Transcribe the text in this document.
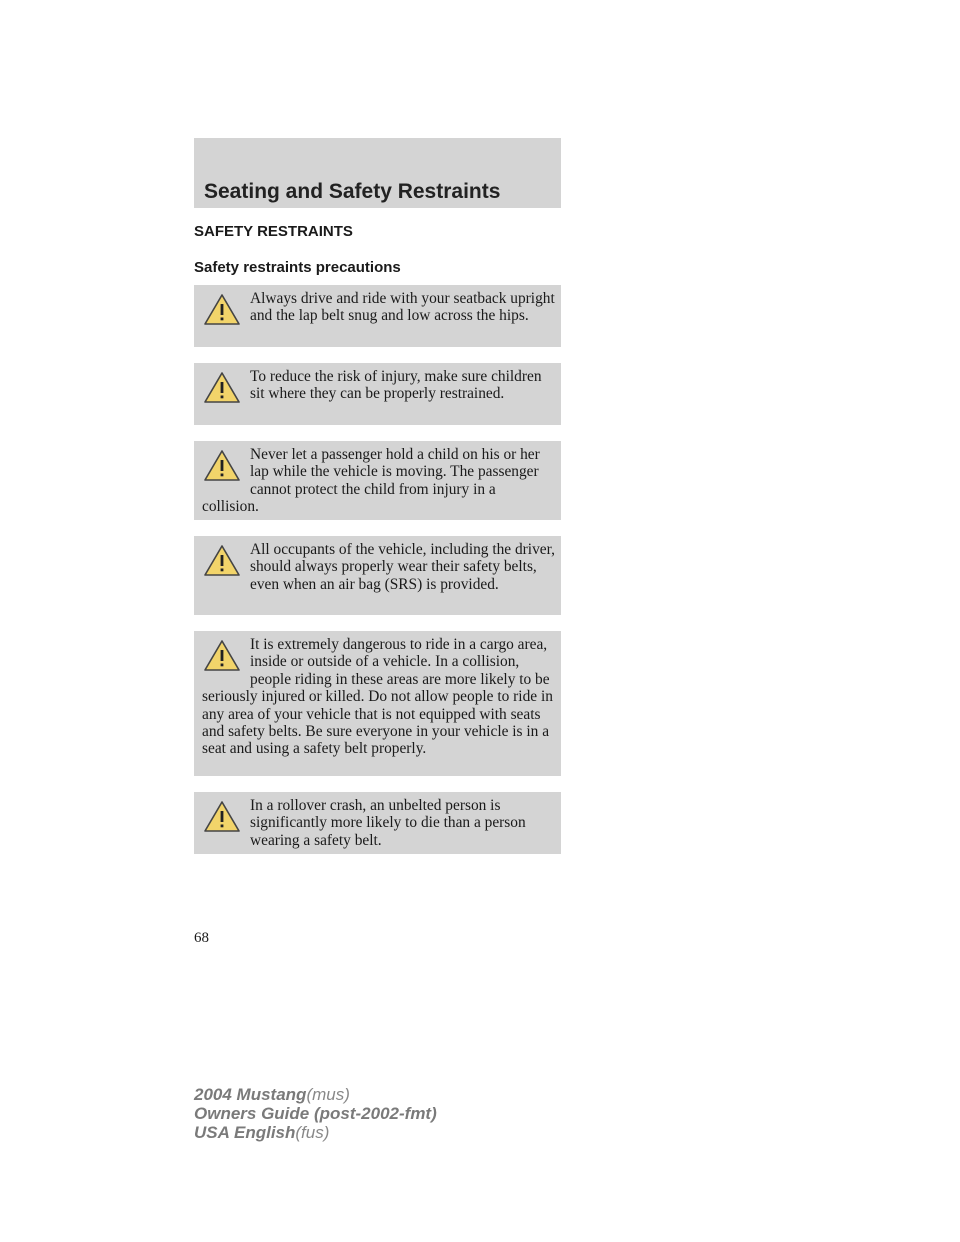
Seating and Safety Restraints
SAFETY RESTRAINTS
Safety restraints precautions
Always drive and ride with your seatback upright and the lap belt snug and low across the hips.
To reduce the risk of injury, make sure children sit where they can be properly restrained.
Never let a passenger hold a child on his or her lap while the vehicle is moving. The passenger cannot protect the child from injury in a collision.
All occupants of the vehicle, including the driver, should always properly wear their safety belts, even when an air bag (SRS) is provided.
It is extremely dangerous to ride in a cargo area, inside or outside of a vehicle. In a collision, people riding in these areas are more likely to be seriously injured or killed. Do not allow people to ride in any area of your vehicle that is not equipped with seats and safety belts. Be sure everyone in your vehicle is in a seat and using a safety belt properly.
In a rollover crash, an unbelted person is significantly more likely to die than a person wearing a safety belt.
68
2004 Mustang(mus)
Owners Guide (post-2002-fmt)
USA English(fus)
